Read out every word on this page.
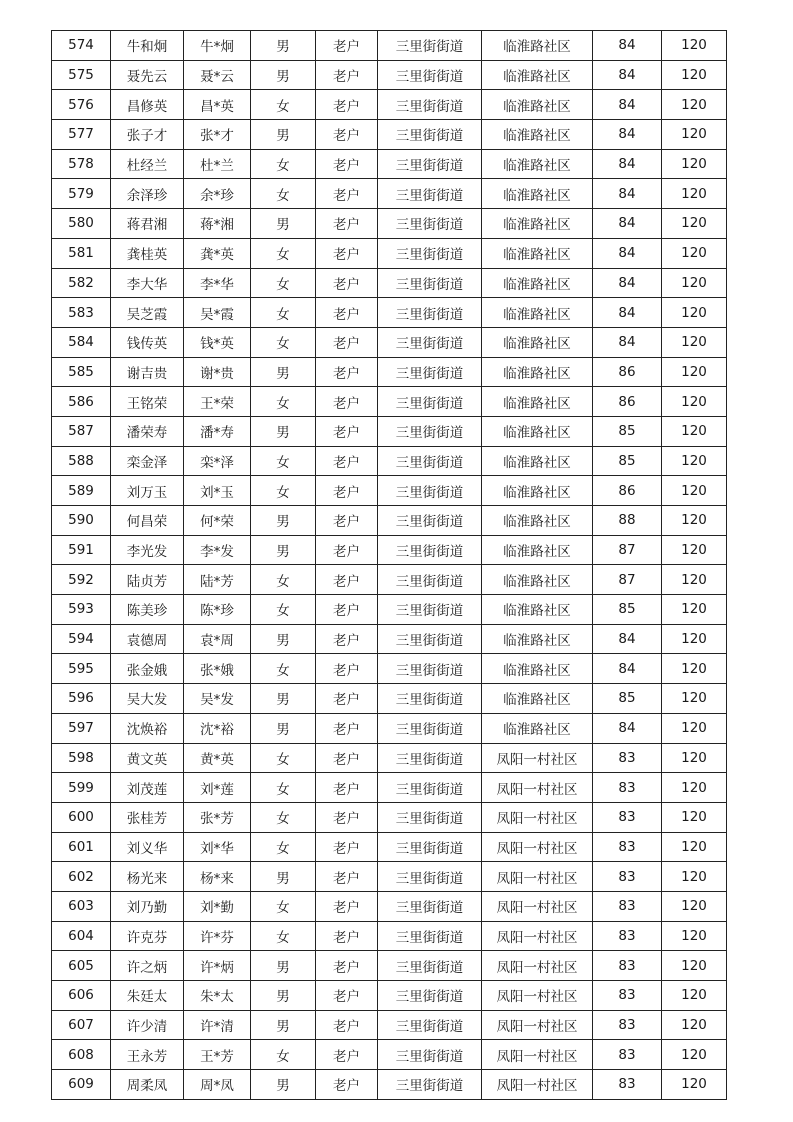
574	牛和炯	牛*炯	男	老户	三里街街道	临淮路社区	84	120
575	聂先云	聂*云	男	老户	三里街街道	临淮路社区	84	120
576	昌修英	昌*英	女	老户	三里街街道	临淮路社区	84	120
577	张子才	张*才	男	老户	三里街街道	临淮路社区	84	120
578	杜经兰	杜*兰	女	老户	三里街街道	临淮路社区	84	120
579	余泽珍	余*珍	女	老户	三里街街道	临淮路社区	84	120
580	蒋君湘	蒋*湘	男	老户	三里街街道	临淮路社区	84	120
581	龚桂英	龚*英	女	老户	三里街街道	临淮路社区	84	120
582	李大华	李*华	女	老户	三里街街道	临淮路社区	84	120
583	吴芝霞	吴*霞	女	老户	三里街街道	临淮路社区	84	120
584	钱传英	钱*英	女	老户	三里街街道	临淮路社区	84	120
585	谢吉贵	谢*贵	男	老户	三里街街道	临淮路社区	86	120
586	王铭荣	王*荣	女	老户	三里街街道	临淮路社区	86	120
587	潘荣寿	潘*寿	男	老户	三里街街道	临淮路社区	85	120
588	栾金泽	栾*泽	女	老户	三里街街道	临淮路社区	85	120
589	刘万玉	刘*玉	女	老户	三里街街道	临淮路社区	86	120
590	何昌荣	何*荣	男	老户	三里街街道	临淮路社区	88	120
591	李光发	李*发	男	老户	三里街街道	临淮路社区	87	120
592	陆贞芳	陆*芳	女	老户	三里街街道	临淮路社区	87	120
593	陈美珍	陈*珍	女	老户	三里街街道	临淮路社区	85	120
594	袁德周	袁*周	男	老户	三里街街道	临淮路社区	84	120
595	张金娥	张*娥	女	老户	三里街街道	临淮路社区	84	120
596	吴大发	吴*发	男	老户	三里街街道	临淮路社区	85	120
597	沈焕裕	沈*裕	男	老户	三里街街道	临淮路社区	84	120
598	黄文英	黄*英	女	老户	三里街街道	凤阳一村社区	83	120
599	刘茂莲	刘*莲	女	老户	三里街街道	凤阳一村社区	83	120
600	张桂芳	张*芳	女	老户	三里街街道	凤阳一村社区	83	120
601	刘义华	刘*华	女	老户	三里街街道	凤阳一村社区	83	120
602	杨光来	杨*来	男	老户	三里街街道	凤阳一村社区	83	120
603	刘乃勤	刘*勤	女	老户	三里街街道	凤阳一村社区	83	120
604	许克芬	许*芬	女	老户	三里街街道	凤阳一村社区	83	120
605	许之炳	许*炳	男	老户	三里街街道	凤阳一村社区	83	120
606	朱廷太	朱*太	男	老户	三里街街道	凤阳一村社区	83	120
607	许少清	许*清	男	老户	三里街街道	凤阳一村社区	83	120
608	王永芳	王*芳	女	老户	三里街街道	凤阳一村社区	83	120
609	周柔凤	周*凤	男	老户	三里街街道	凤阳一村社区	83	120
